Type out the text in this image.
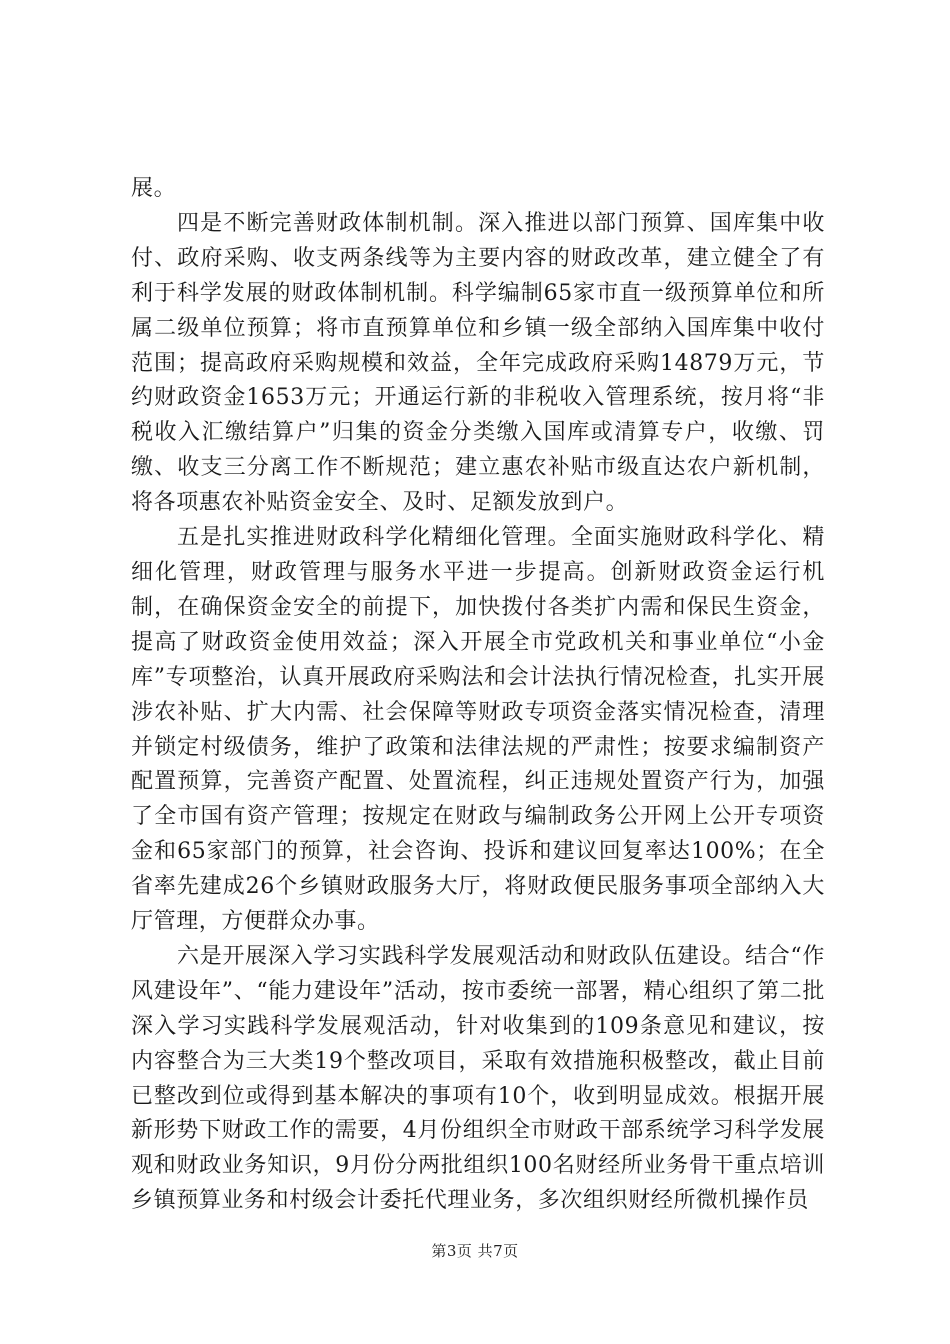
展。

四是不断完善财政体制机制。深入推进以部门预算、国库集中收付、政府采购、收支两条线等为主要内容的财政改革，建立健全了有利于科学发展的财政体制机制。科学编制65家市直一级预算单位和所属二级单位预算；将市直预算单位和乡镇一级全部纳入国库集中收付范围；提高政府采购规模和效益，全年完成政府采购14879万元，节约财政资金1653万元；开通运行新的非税收入管理系统，按月将“非税收入汇缴结算户”归集的资金分类缴入国库或清算专户，收缴、罚缴、收支三分离工作不断规范；建立惠农补贴市级直达农户新机制，将各项惠农补贴资金安全、及时、足额发放到户。

五是扎实推进财政科学化精细化管理。全面实施财政科学化、精细化管理，财政管理与服务水平进一步提高。创新财政资金运行机制，在确保资金安全的前提下，加快拨付各类扩内需和保民生资金，提高了财政资金使用效益；深入开展全市党政机关和事业单位“小金库”专项整治，认真开展政府采购法和会计法执行情况检查，扎实开展涉农补贴、扩大内需、社会保障等财政专项资金落实情况检查，清理并锁定村级债务，维护了政策和法律法规的严肃性；按要求编制资产配置预算，完善资产配置、处置流程，纠正违规处置资产行为，加强了全市国有资产管理；按规定在财政与编制政务公开网上公开专项资金和65家部门的预算，社会咨询、投诉和建议回复率达100%；在全省率先建成26个乡镇财政服务大厅，将财政便民服务事项全部纳入大厅管理，方便群众办事。

六是开展深入学习实践科学发展观活动和财政队伍建设。结合“作风建设年”、“能力建设年”活动，按市委统一部署，精心组织了第二批深入学习实践科学发展观活动，针对收集到的109条意见和建议，按内容整合为三大类19个整改项目，采取有效措施积极整改，截止目前已整改到位或得到基本解决的事项有10个，收到明显成效。根据开展新形势下财政工作的需要，4月份组织全市财政干部系统学习科学发展观和财政业务知识，9月份分两批组织100名财经所业务骨干重点培训乡镇预算业务和村级会计委托代理业务，多次组织财经所微机操作员

第3页 共7页
